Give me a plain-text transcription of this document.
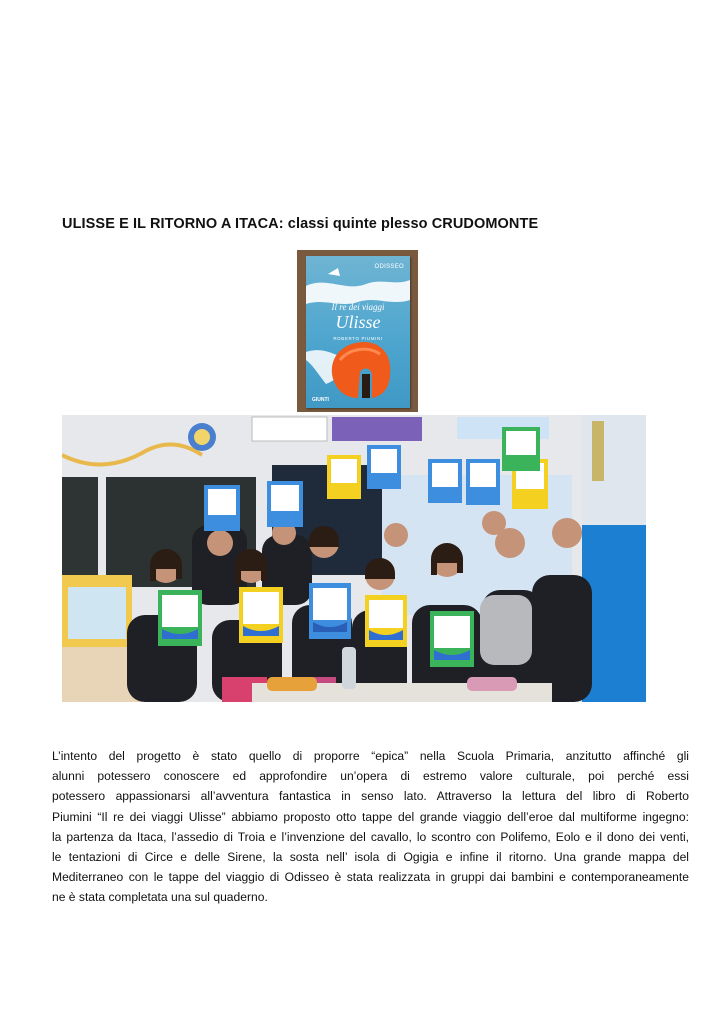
ULISSE E IL RITORNO A ITACA: classi quinte plesso CRUDOMONTE
ODISSEO
Il re dei viaggi
Ulisse
ROBERTO PIUMINI
GIUNTI
L’intento del progetto è stato quello di proporre “epica” nella Scuola Primaria, anzitutto affinché gli
alunni potessero conoscere ed approfondire un’opera di estremo valore culturale, poi perché essi
potessero appassionarsi all’avventura fantastica in senso lato. Attraverso la lettura del libro di Roberto
Piumini “Il re dei viaggi Ulisse” abbiamo proposto otto tappe del grande viaggio dell’eroe dal multiforme ingegno:
la partenza da Itaca, l’assedio di Troia e l’invenzione del cavallo, lo scontro con Polifemo, Eolo e il dono dei venti,
le tentazioni di Circe e delle Sirene, la sosta nell’ isola di Ogigia e infine il ritorno. Una grande mappa del
Mediterraneo con le tappe del viaggio di Odisseo è stata realizzata in gruppi dai bambini e contemporaneamente
ne è stata completata una sul quaderno.
